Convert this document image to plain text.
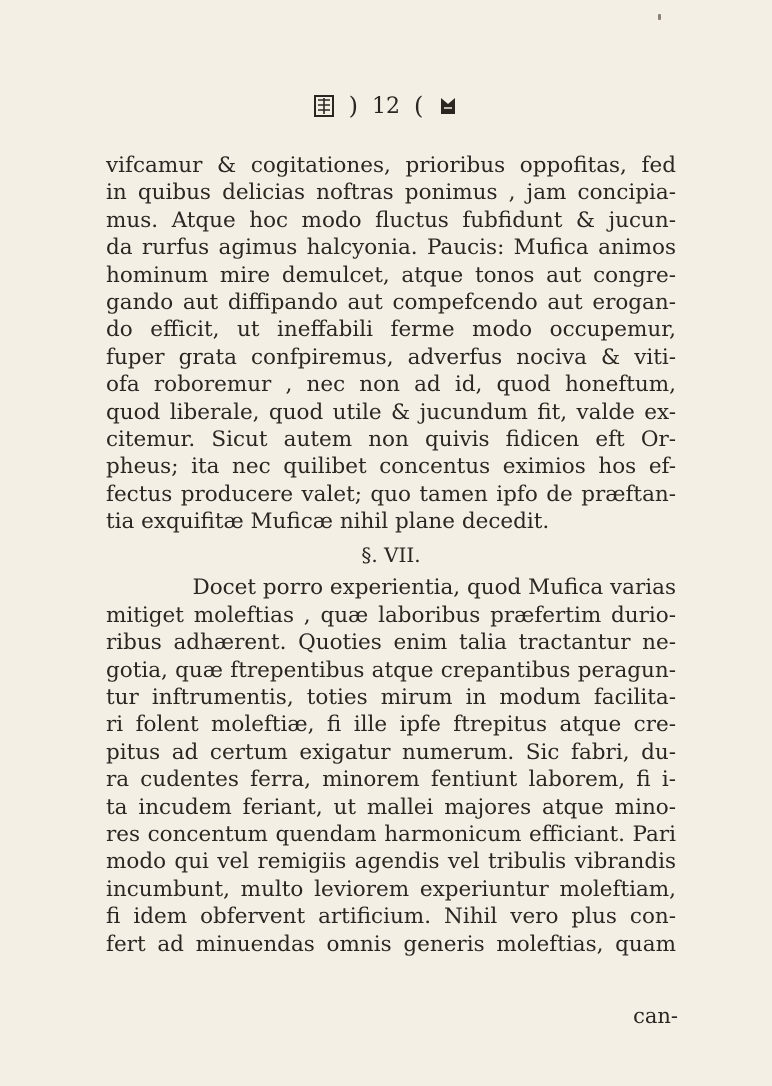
) 12 (
vifcamur & cogitationes, prioribus oppofitas, fed
in quibus delicias noftras ponimus , jam concipia-
mus. Atque hoc modo fluctus fubfidunt & jucun-
da rurfus agimus halcyonia. Paucis: Mufica animos
hominum mire demulcet, atque tonos aut congre-
gando aut diffipando aut compefcendo aut erogan-
do efficit, ut ineffabili ferme modo occupemur,
fuper grata confpiremus, adverfus nociva & viti-
ofa roboremur , nec non ad id, quod honeftum,
quod liberale, quod utile & jucundum fit, valde ex-
citemur. Sicut autem non quivis fidicen eft Or-
pheus; ita nec quilibet concentus eximios hos ef-
fectus producere valet; quo tamen ipfo de præftan-
tia exquifitæ Muficæ nihil plane decedit.
§. VII.
Docet porro experientia, quod Mufica varias
mitiget moleftias , quæ laboribus præfertim durio-
ribus adhærent. Quoties enim talia tractantur ne-
gotia, quæ ftrepentibus atque crepantibus peragun-
tur inftrumentis, toties mirum in modum facilita-
ri folent moleftiæ, fi ille ipfe ftrepitus atque cre-
pitus ad certum exigatur numerum. Sic fabri, du-
ra cudentes ferra, minorem fentiunt laborem, fi i-
ta incudem feriant, ut mallei majores atque mino-
res concentum quendam harmonicum efficiant. Pari
modo qui vel remigiis agendis vel tribulis vibrandis
incumbunt, multo leviorem experiuntur moleftiam,
fi idem obfervent artificium. Nihil vero plus con-
fert ad minuendas omnis generis moleftias, quam
can-
